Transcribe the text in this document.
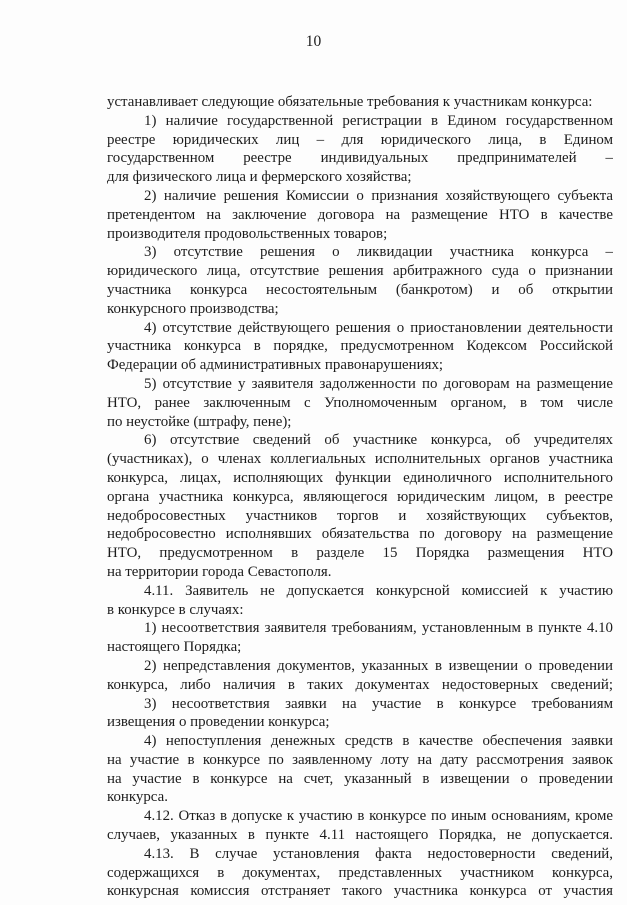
10
устанавливает следующие обязательные требования к участникам конкурса:
1) наличие государственной регистрации в Едином государственном
реестре юридических лиц – для юридического лица, в Едином
государственном реестре индивидуальных предпринимателей –
для физического лица и фермерского хозяйства;
2) наличие решения Комиссии о признания хозяйствующего субъекта
претендентом на заключение договора на размещение НТО в качестве
производителя продовольственных товаров;
3) отсутствие решения о ликвидации участника конкурса –
юридического лица, отсутствие решения арбитражного суда о признании
участника конкурса несостоятельным (банкротом) и об открытии
конкурсного производства;
4) отсутствие действующего решения о приостановлении деятельности
участника конкурса в порядке, предусмотренном Кодексом Российской
Федерации об административных правонарушениях;
5) отсутствие у заявителя задолженности по договорам на размещение
НТО, ранее заключенным с Уполномоченным органом, в том числе
по неустойке (штрафу, пене);
6) отсутствие сведений об участнике конкурса, об учредителях
(участниках), о членах коллегиальных исполнительных органов участника
конкурса, лицах, исполняющих функции единоличного исполнительного
органа участника конкурса, являющегося юридическим лицом, в реестре
недобросовестных участников торгов и хозяйствующих субъектов,
недобросовестно исполнявших обязательства по договору на размещение
НТО, предусмотренном в разделе 15 Порядка размещения НТО
на территории города Севастополя.
4.11. Заявитель не допускается конкурсной комиссией к участию
в конкурсе в случаях:
1) несоответствия заявителя требованиям, установленным в пункте 4.10
настоящего Порядка;
2) непредставления документов, указанных в извещении о проведении
конкурса, либо наличия в таких документах недостоверных сведений;
3) несоответствия заявки на участие в конкурсе требованиям
извещения о проведении конкурса;
4) непоступления денежных средств в качестве обеспечения заявки
на участие в конкурсе по заявленному лоту на дату рассмотрения заявок
на участие в конкурсе на счет, указанный в извещении о проведении
конкурса.
4.12. Отказ в допуске к участию в конкурсе по иным основаниям, кроме
случаев, указанных в пункте 4.11 настоящего Порядка, не допускается.
4.13. В случае установления факта недостоверности сведений,
содержащихся в документах, представленных участником конкурса,
конкурсная комиссия отстраняет такого участника конкурса от участия
